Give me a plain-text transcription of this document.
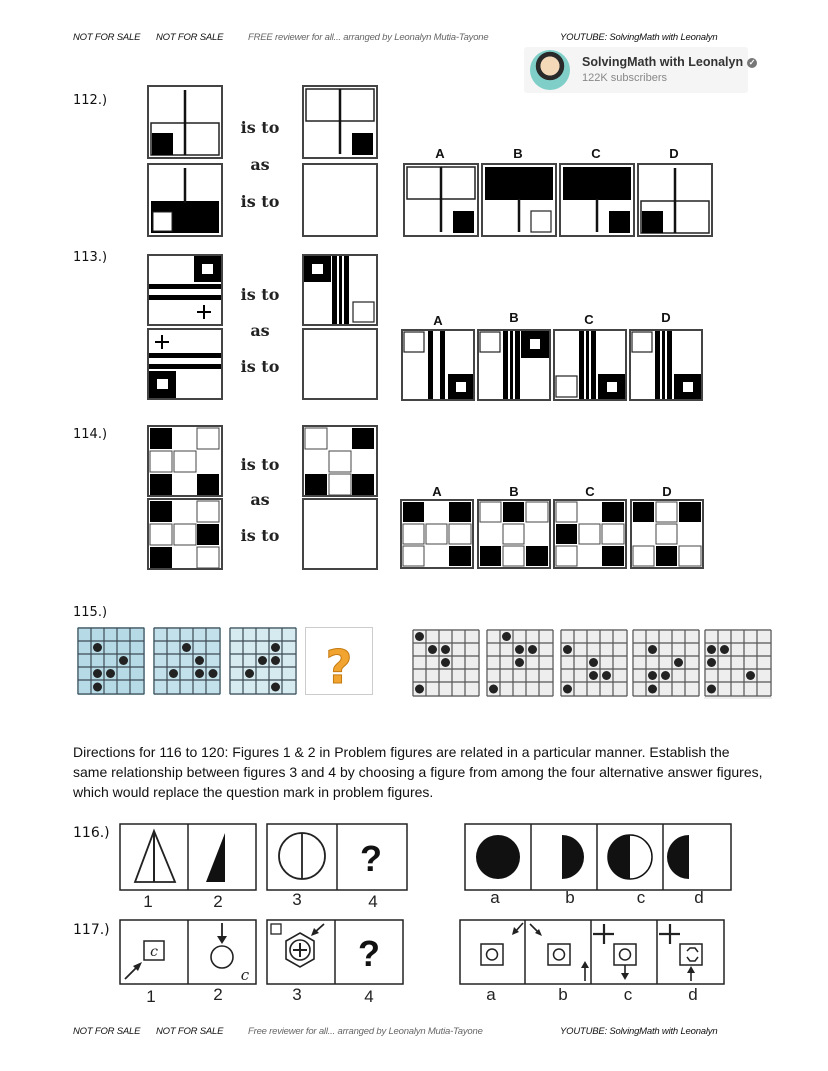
NOT FOR SALE NOT FOR SALE	FREE reviewer for all... arranged by Leonalyn Mutia-Tayone	YOUTUBE: SolvingMath with Leonalyn
SolvingMath with Leonalyn ✓
122K subscribers
112.)
is to
as
is to
A	B	C	D
113.)
is to
as
is to
A	B	C	D
114.)
is to
as
is to
A	B	C	D
115.)
?
Directions for 116 to 120: Figures 1 & 2 in Problem figures are related in a particular manner. Establish the same relationship between figures 3 and 4 by choosing a figure from among the four alternative answer figures, which would replace the question mark in problem figures.
116.)
?
1	2	3	4	a	b	c	d
117.)
c
c
?
1	2	3	4	a	b	c	d
NOT FOR SALE NOT FOR SALE	Free reviewer for all... arranged by Leonalyn Mutia-Tayone	YOUTUBE: SolvingMath with Leonalyn
